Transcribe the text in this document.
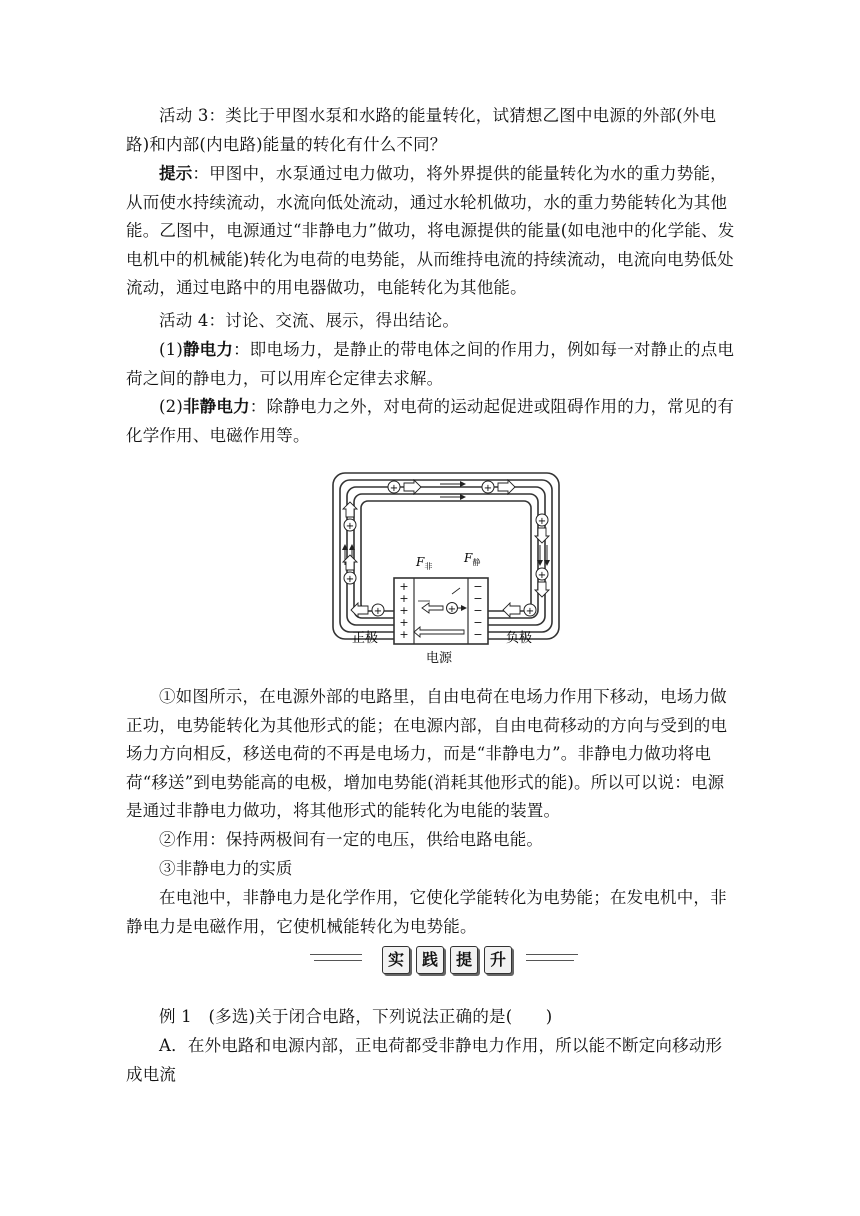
活动 3：类比于甲图水泵和水路的能量转化，试猜想乙图中电源的外部(外电路)和内部(内电路)能量的转化有什么不同？

提示：甲图中，水泵通过电力做功，将外界提供的能量转化为水的重力势能，从而使水持续流动，水流向低处流动，通过水轮机做功，水的重力势能转化为其他能。乙图中，电源通过“非静电力”做功，将电源提供的能量(如电池中的化学能、发电机中的机械能)转化为电荷的电势能，从而维持电流的持续流动，电流向电势低处流动，通过电路中的用电器做功，电能转化为其他能。

活动 4：讨论、交流、展示，得出结论。

(1)静电力：即电场力，是静止的带电体之间的作用力，例如每一对静止的点电荷之间的静电力，可以用库仑定律去求解。

(2)非静电力：除静电力之外，对电荷的运动起促进或阻碍作用的力，常见的有化学作用、电磁作用等。

+	+
+
+
+
+
+	+
+
+
+
+
+
−
−
−
−
−
+
$F_非$
$F_静$
正极	负极
电源

①如图所示，在电源外部的电路里，自由电荷在电场力作用下移动，电场力做正功，电势能转化为其他形式的能；在电源内部，自由电荷移动的方向与受到的电场力方向相反，移送电荷的不再是电场力，而是“非静电力”。非静电力做功将电荷“移送”到电势能高的电极，增加电势能(消耗其他形式的能)。所以可以说：电源是通过非静电力做功，将其他形式的能转化为电能的装置。

②作用：保持两极间有一定的电压，供给电路电能。

③非静电力的实质

在电池中，非静电力是化学作用，它使化学能转化为电势能；在发电机中，非静电力是电磁作用，它使机械能转化为电势能。

实	践	提	升

例 1　(多选)关于闭合电路，下列说法正确的是(　　)

A．在外电路和电源内部，正电荷都受非静电力作用，所以能不断定向移动形成电流
